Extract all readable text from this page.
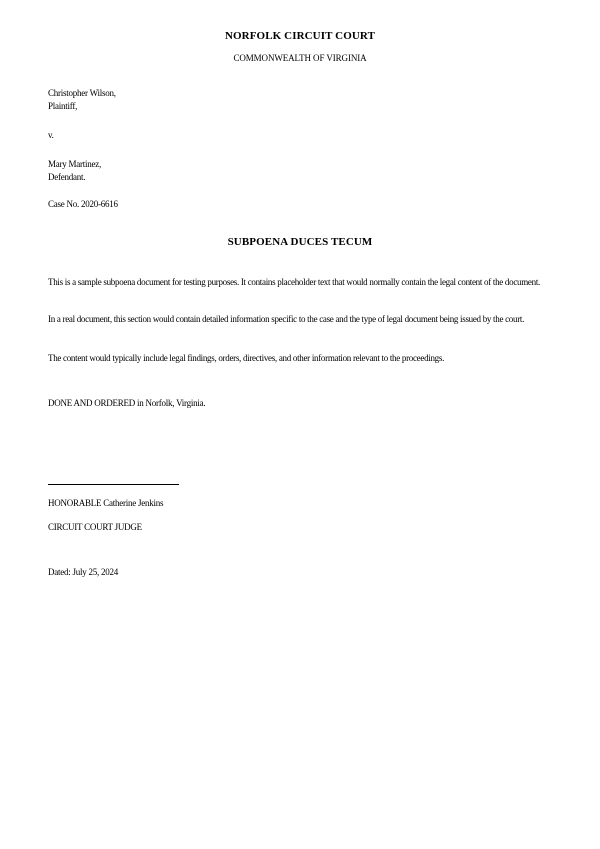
NORFOLK CIRCUIT COURT
COMMONWEALTH OF VIRGINIA
Christopher Wilson,
Plaintiff,
v.
Mary Martinez,
Defendant.
Case No. 2020-6616
SUBPOENA DUCES TECUM
This is a sample subpoena document for testing purposes. It contains placeholder text that would normally contain the legal content of the document.
In a real document, this section would contain detailed information specific to the case and the type of legal document being issued by the court.
The content would typically include legal findings, orders, directives, and other information relevant to the proceedings.
DONE AND ORDERED in Norfolk, Virginia.
HONORABLE Catherine Jenkins
CIRCUIT COURT JUDGE
Dated: July 25, 2024
